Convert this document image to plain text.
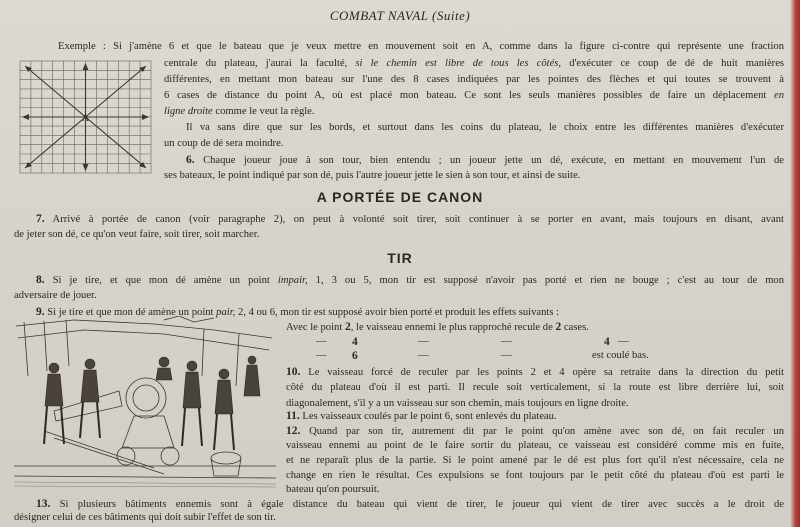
COMBAT NAVAL (Suite)
Exemple : Si j'amène 6 et que le bateau que je veux mettre en mouvement soit en A, comme dans la figure ci-contre qui représente une fraction
centrale du plateau, j'aurai la faculté, si le chemin est libre de tous les côtés, d'exécuter ce coup de dé de huit manières
différentes, en mettant mon bateau sur l'une des 8 cases indiquées par les pointes des flèches et qui toutes se trouvent à
6 cases de distance du point A, où est placé mon bateau. Ce sont les seuls manières possibles de faire un déplacement en
ligne droite comme le veut la règle.
Il va sans dire que sur les bords, et surtout dans les coins du plateau, le choix entre les différentes manières d'exécuter
un coup de dé sera moindre.
A
6. Chaque joueur joue à son tour, bien entendu ; un joueur jette un dé, exécute, en mettant en mouvement l'un de
ses bateaux, le point indiqué par son dé, puis l'autre joueur jette le sien à son tour, et ainsi de suite.
A PORTÉE DE CANON
7. Arrivé à portée de canon (voir paragraphe 2), on peut à volonté soit tirer, soit continuer à se porter en avant, mais toujours en disant, avant
de jeter son dé, ce qu'on veut faire, soit tirer, soit marcher.
TIR
8. Si je tire, et que mon dé amène un point impair, 1, 3 ou 5, mon tir est supposé n'avoir pas porté et rien ne bouge ; c'est au tour de mon
adversaire de jouer.
9. Si je tire et que mon dé amène un point pair, 2, 4 ou 6, mon tir est supposé avoir bien porté et produit les effets suivants :
Avec le point 2, le vaisseau ennemi le plus rapproché recule de 2 cases.
— 4	—	—	4 —
— 6	—	—	est coulé bas.
10. Le vaisseau forcé de reculer par les points 2 et 4 opère sa retraite dans la direction du petit
côté du plateau d'où il est parti. Il recule soit verticalement, si la route est libre derrière lui, soit
diagonalement, s'il y a un vaisseau sur son chemin, mais toujours en ligne droite.
11. Les vaisseaux coulés par le point 6, sont enlevés du plateau.
12. Quand par son tir, autrement dit par le point qu'on amène avec son dé, on fait reculer un
vaisseau ennemi au point de le faire sortir du plateau, ce vaisseau est considéré comme mis en fuite,
et ne reparaît plus de la partie. Si le point amené par le dé est plus fort qu'il n'est nécessaire, cela ne
change en rien le résultat. Ces expulsions se font toujours par le petit côté du plateau d'où est parti le
bateau qu'on poursuit.
13. Si plusieurs bâtiments ennemis sont à égale distance du bateau qui vient de tirer, le joueur qui vient de tirer avec succès a le droit de
désigner celui de ces bâtiments qui doit subir l'effet de son tir.
